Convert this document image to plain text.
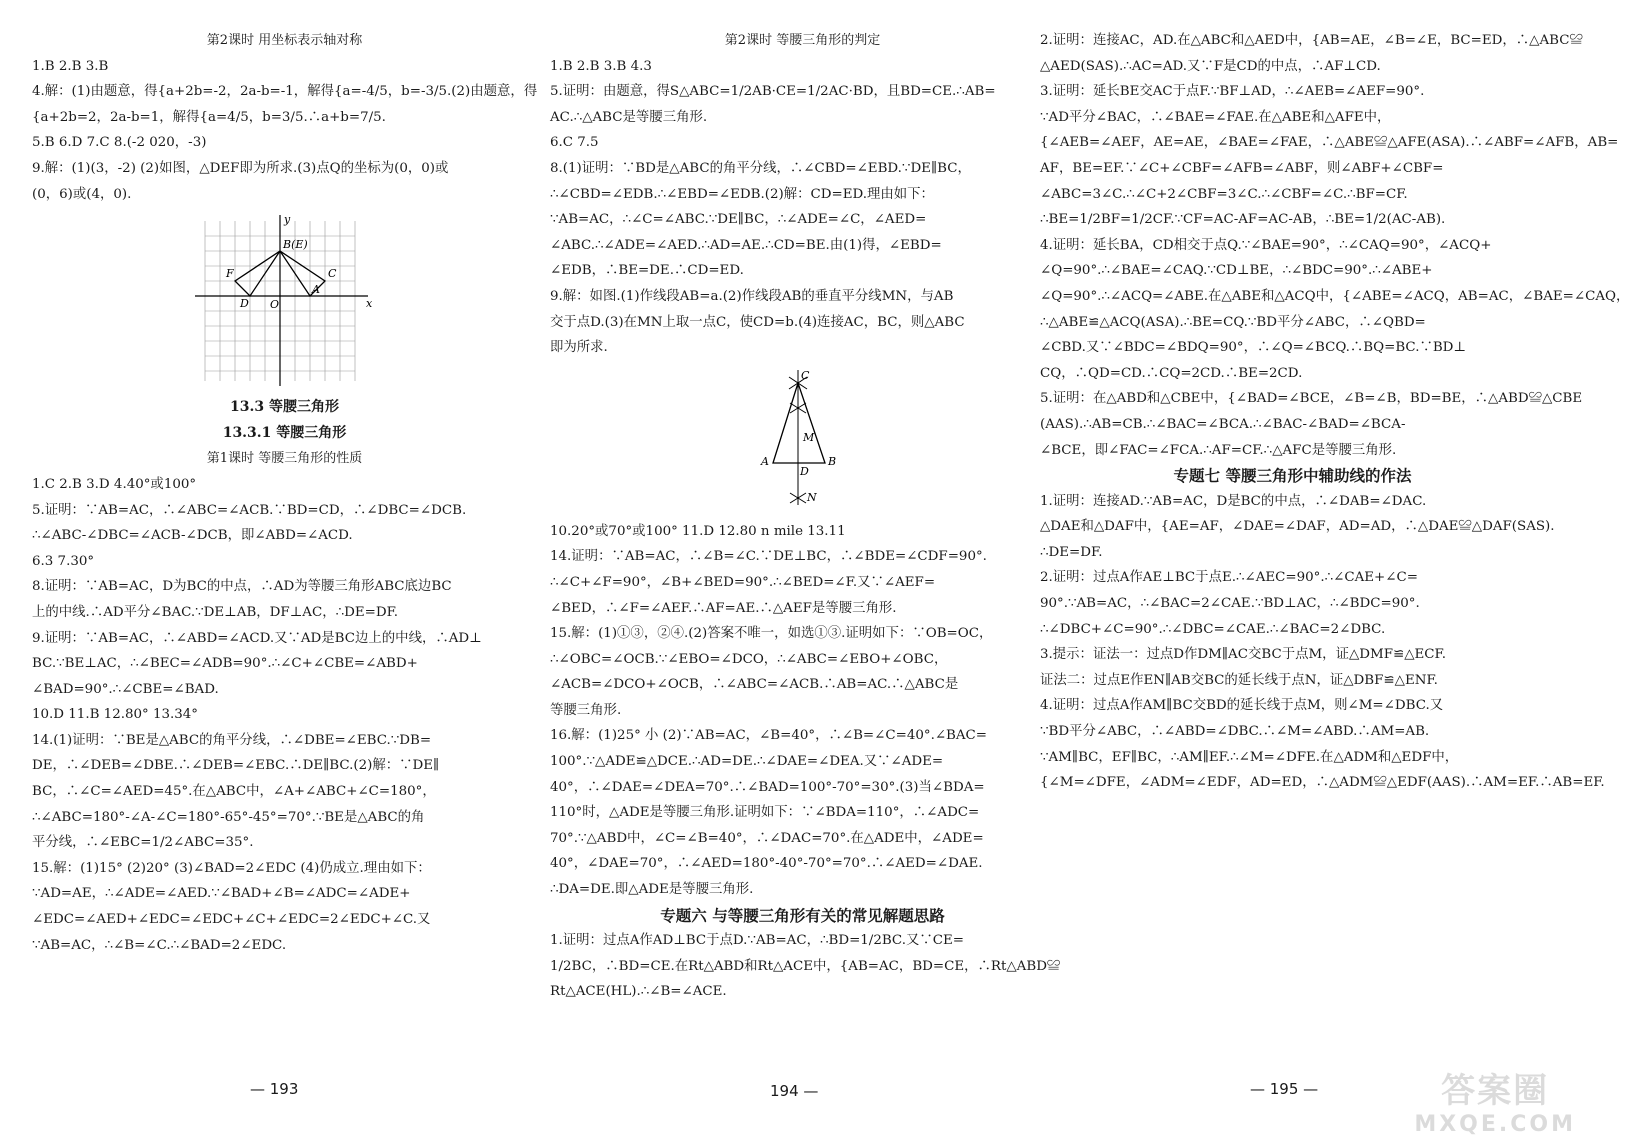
第2课时 用坐标表示轴对称
1.B 2.B 3.B
4.解：(1)由题意，得{a+2b=-2，2a-b=-1，解得{a=-4/5，b=-3/5.(2)由题意，得
{a+2b=2，2a-b=1，解得{a=4/5，b=3/5.∴a+b=7/5.
5.B 6.D 7.C 8.(-2 020，-3)
9.解：(1)(3，-2) (2)如图，△DEF即为所求.(3)点Q的坐标为(0，0)或
(0，6)或(4，0).
F
B(E)
C
A
D O	x
y
13.3 等腰三角形
13.3.1 等腰三角形
第1课时 等腰三角形的性质
1.C 2.B 3.D 4.40°或100°
5.证明：∵AB=AC，∴∠ABC=∠ACB.∵BD=CD，∴∠DBC=∠DCB.
∴∠ABC-∠DBC=∠ACB-∠DCB，即∠ABD=∠ACD.
6.3 7.30°
8.证明：∵AB=AC，D为BC的中点，∴AD为等腰三角形ABC底边BC
上的中线.∴AD平分∠BAC.∵DE⊥AB，DF⊥AC，∴DE=DF.
9.证明：∵AB=AC，∴∠ABD=∠ACD.又∵AD是BC边上的中线，∴AD⊥
BC.∵BE⊥AC，∴∠BEC=∠ADB=90°.∴∠C+∠CBE=∠ABD+
∠BAD=90°.∴∠CBE=∠BAD.
10.D 11.B 12.80° 13.34°
14.(1)证明：∵BE是△ABC的角平分线，∴∠DBE=∠EBC.∵DB=
DE，∴∠DEB=∠DBE.∴∠DEB=∠EBC.∴DE∥BC.(2)解：∵DE∥
BC，∴∠C=∠AED=45°.在△ABC中，∠A+∠ABC+∠C=180°，
∴∠ABC=180°-∠A-∠C=180°-65°-45°=70°.∵BE是△ABC的角
平分线，∴∠EBC=1/2∠ABC=35°.
15.解：(1)15° (2)20° (3)∠BAD=2∠EDC (4)仍成立.理由如下：
∵AD=AE，∴∠ADE=∠AED.∵∠BAD+∠B=∠ADC=∠ADE+
∠EDC=∠AED+∠EDC=∠EDC+∠C+∠EDC=2∠EDC+∠C.又
∵AB=AC，∴∠B=∠C.∴∠BAD=2∠EDC.
— 193
第2课时 等腰三角形的判定
1.B 2.B 3.B 4.3
5.证明：由题意，得S△ABC=1/2AB·CE=1/2AC·BD，且BD=CE.∴AB=
AC.∴△ABC是等腰三角形.
6.C 7.5
8.(1)证明：∵BD是△ABC的角平分线，∴∠CBD=∠EBD.∵DE∥BC，
∴∠CBD=∠EDB.∴∠EBD=∠EDB.(2)解：CD=ED.理由如下：
∵AB=AC，∴∠C=∠ABC.∵DE∥BC，∴∠ADE=∠C，∠AED=
∠ABC.∴∠ADE=∠AED.∴AD=AE.∴CD=BE.由(1)得，∠EBD=
∠EDB，∴BE=DE.∴CD=ED.
9.解：如图.(1)作线段AB=a.(2)作线段AB的垂直平分线MN，与AB
交于点D.(3)在MN上取一点C，使CD=b.(4)连接AC，BC，则△ABC
即为所求.
C
M
A
D
B
N
10.20°或70°或100° 11.D 12.80 n mile 13.11
14.证明：∵AB=AC，∴∠B=∠C.∵DE⊥BC，∴∠BDE=∠CDF=90°.
∴∠C+∠F=90°，∠B+∠BED=90°.∴∠BED=∠F.又∵∠AEF=
∠BED，∴∠F=∠AEF.∴AF=AE.∴△AEF是等腰三角形.
15.解：(1)①③，②④.(2)答案不唯一，如选①③.证明如下：∵OB=OC，
∴∠OBC=∠OCB.∵∠EBO=∠DCO，∴∠ABC=∠EBO+∠OBC，
∠ACB=∠DCO+∠OCB，∴∠ABC=∠ACB.∴AB=AC.∴△ABC是
等腰三角形.
16.解：(1)25° 小 (2)∵AB=AC，∠B=40°，∴∠B=∠C=40°.∠BAC=
100°.∵△ADE≌△DCE.∴AD=DE.∴∠DAE=∠DEA.又∵∠ADE=
40°，∴∠DAE=∠DEA=70°.∴∠BAD=100°-70°=30°.(3)当∠BDA=
110°时，△ADE是等腰三角形.证明如下：∵∠BDA=110°，∴∠ADC=
70°.∵△ABD中，∠C=∠B=40°，∴∠DAC=70°.在△ADE中，∠ADE=
40°，∠DAE=70°，∴∠AED=180°-40°-70°=70°.∴∠AED=∠DAE.
∴DA=DE.即△ADE是等腰三角形.
专题六 与等腰三角形有关的常见解题思路
1.证明：过点A作AD⊥BC于点D.∵AB=AC，∴BD=1/2BC.又∵CE=
1/2BC，∴BD=CE.在Rt△ABD和Rt△ACE中，{AB=AC，BD=CE，∴Rt△ABD≌
Rt△ACE(HL).∴∠B=∠ACE.
194 —
2.证明：连接AC，AD.在△ABC和△AED中，{AB=AE，∠B=∠E，BC=ED，∴△ABC≌
△AED(SAS).∴AC=AD.又∵F是CD的中点，∴AF⊥CD.
3.证明：延长BE交AC于点F.∵BF⊥AD，∴∠AEB=∠AEF=90°.
∵AD平分∠BAC，∴∠BAE=∠FAE.在△ABE和△AFE中，
{∠AEB=∠AEF，AE=AE，∠BAE=∠FAE，∴△ABE≌△AFE(ASA).∴∠ABF=∠AFB，AB=
AF，BE=EF.∵∠C+∠CBF=∠AFB=∠ABF，则∠ABF+∠CBF=
∠ABC=3∠C.∴∠C+2∠CBF=3∠C.∴∠CBF=∠C.∴BF=CF.
∴BE=1/2BF=1/2CF.∵CF=AC-AF=AC-AB，∴BE=1/2(AC-AB).
4.证明：延长BA，CD相交于点Q.∵∠BAE=90°，∴∠CAQ=90°，∠ACQ+
∠Q=90°.∴∠BAE=∠CAQ.∵CD⊥BE，∴∠BDC=90°.∴∠ABE+
∠Q=90°.∴∠ACQ=∠ABE.在△ABE和△ACQ中，{∠ABE=∠ACQ，AB=AC，∠BAE=∠CAQ，
∴△ABE≌△ACQ(ASA).∴BE=CQ.∵BD平分∠ABC，∴∠QBD=
∠CBD.又∵∠BDC=∠BDQ=90°，∴∠Q=∠BCQ.∴BQ=BC.∵BD⊥
CQ，∴QD=CD.∴CQ=2CD.∴BE=2CD.
5.证明：在△ABD和△CBE中，{∠BAD=∠BCE，∠B=∠B，BD=BE，∴△ABD≌△CBE
(AAS).∴AB=CB.∴∠BAC=∠BCA.∴∠BAC-∠BAD=∠BCA-
∠BCE，即∠FAC=∠FCA.∴AF=CF.∴△AFC是等腰三角形.
专题七 等腰三角形中辅助线的作法
1.证明：连接AD.∵AB=AC，D是BC的中点，∴∠DAB=∠DAC.
△DAE和△DAF中，{AE=AF，∠DAE=∠DAF，AD=AD，∴△DAE≌△DAF(SAS).
∴DE=DF.
2.证明：过点A作AE⊥BC于点E.∴∠AEC=90°.∴∠CAE+∠C=
90°.∵AB=AC，∴∠BAC=2∠CAE.∵BD⊥AC，∴∠BDC=90°.
∴∠DBC+∠C=90°.∴∠DBC=∠CAE.∴∠BAC=2∠DBC.
3.提示：证法一：过点D作DM∥AC交BC于点M，证△DMF≌△ECF.
证法二：过点E作EN∥AB交BC的延长线于点N，证△DBF≌△ENF.
4.证明：过点A作AM∥BC交BD的延长线于点M，则∠M=∠DBC.又
∵BD平分∠ABC，∴∠ABD=∠DBC.∴∠M=∠ABD.∴AM=AB.
∵AM∥BC，EF∥BC，∴AM∥EF.∴∠M=∠DFE.在△ADM和△EDF中，
{∠M=∠DFE，∠ADM=∠EDF，AD=ED，∴△ADM≌△EDF(AAS).∴AM=EF.∴AB=EF.
— 195 —	答案圈
MXQE.COM
